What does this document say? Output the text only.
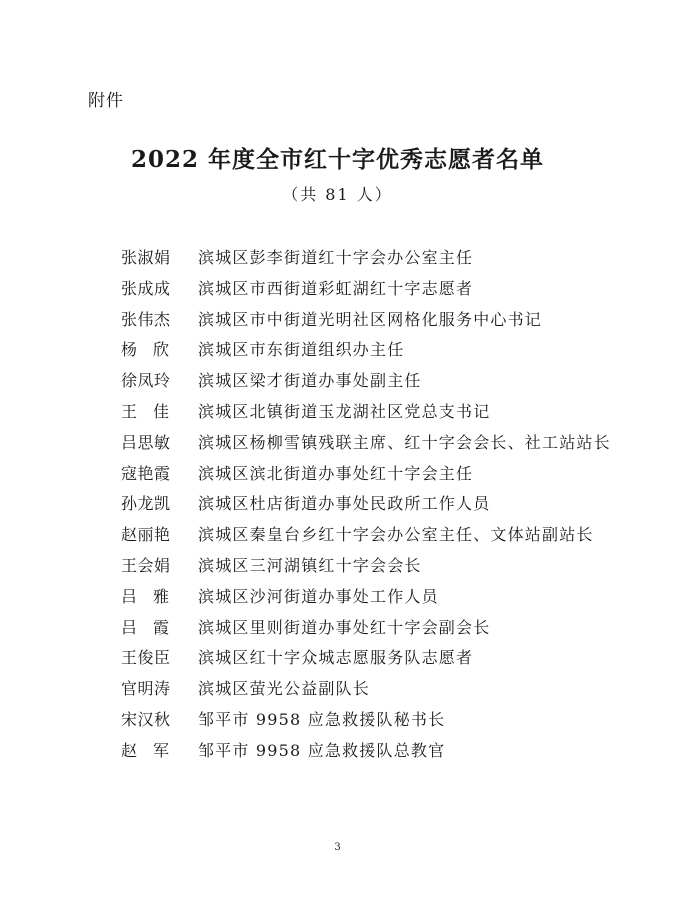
附件
2022 年度全市红十字优秀志愿者名单
（共 81 人）
张淑娟	滨城区彭李街道红十字会办公室主任
张成成	滨城区市西街道彩虹湖红十字志愿者
张伟杰	滨城区市中街道光明社区网格化服务中心书记
杨欣 滨城区市东街道组织办主任
徐凤玲	滨城区梁才街道办事处副主任
王佳 滨城区北镇街道玉龙湖社区党总支书记
吕思敏	滨城区杨柳雪镇残联主席、红十字会会长、社工站站长
寇艳霞	滨城区滨北街道办事处红十字会主任
孙龙凯	滨城区杜店街道办事处民政所工作人员
赵丽艳	滨城区秦皇台乡红十字会办公室主任、文体站副站长
王会娟	滨城区三河湖镇红十字会会长
吕雅 滨城区沙河街道办事处工作人员
吕霞 滨城区里则街道办事处红十字会副会长
王俊臣	滨城区红十字众城志愿服务队志愿者
官明涛	滨城区萤光公益副队长
宋汉秋	邹平市 9958 应急救援队秘书长
赵军 邹平市 9958 应急救援队总教官
3
